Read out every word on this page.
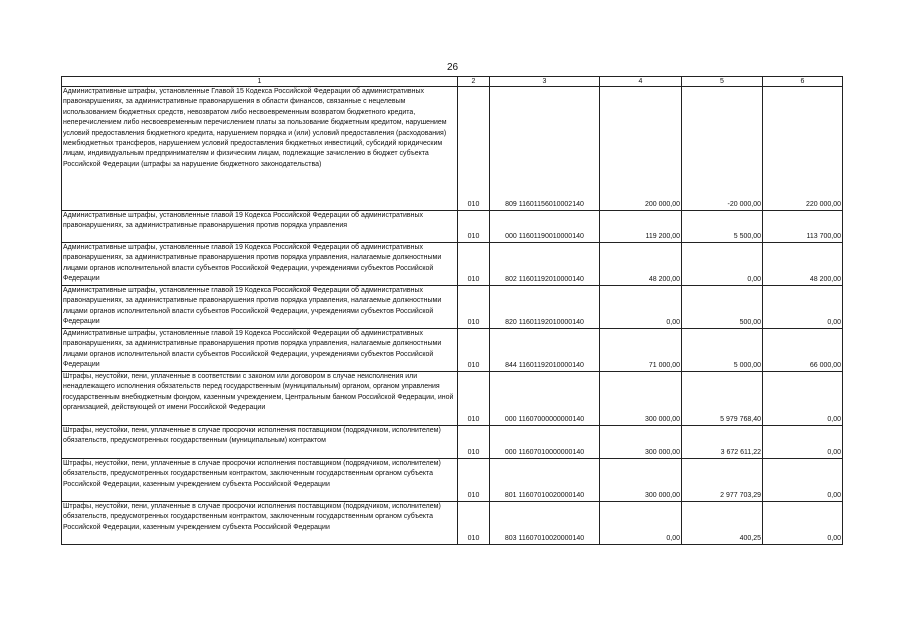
26
1	2	3	4	5	6
Административные штрафы, установленные Главой 15 Кодекса Российской Федерации об административных правонарушениях, за административные правонарушения в области финансов, связанные с нецелевым использованием бюджетных средств, невозвратом либо несвоевременным возвратом бюджетного кредита, неперечислением либо несвоевременным перечислением платы за пользование бюджетным кредитом, нарушением условий предоставления бюджетного кредита, нарушением порядка и (или) условий предоставления (расходования) межбюджетных трансферов, нарушением условий предоставления бюджетных инвестиций, субсидий юридическим лицам, индивидуальным предпринимателям и физическим лицам, подлежащие зачислению в бюджет субъекта Российской Федерации (штрафы за нарушение бюджетного законодательства)	010	809 11601156010002140	200 000,00	-20 000,00	220 000,00
Административные штрафы, установленные главой 19 Кодекса Российской Федерации об административных правонарушениях, за административные правонарушения против порядка управления	010	000 11601190010000140	119 200,00	5 500,00	113 700,00
Административные штрафы, установленные главой 19 Кодекса Российской Федерации об административных правонарушениях, за административные правонарушения против порядка управления, налагаемые должностными лицами органов исполнительной власти субъектов Российской Федерации, учреждениями субъектов Российской Федерации	010	802 11601192010000140	48 200,00	0,00	48 200,00
Административные штрафы, установленные главой 19 Кодекса Российской Федерации об административных правонарушениях, за административные правонарушения против порядка управления, налагаемые должностными лицами органов исполнительной власти субъектов Российской Федерации, учреждениями субъектов Российской Федерации	010	820 11601192010000140	0,00	500,00	0,00
Административные штрафы, установленные главой 19 Кодекса Российской Федерации об административных правонарушениях, за административные правонарушения против порядка управления, налагаемые должностными лицами органов исполнительной власти субъектов Российской Федерации, учреждениями субъектов Российской Федерации	010	844 11601192010000140	71 000,00	5 000,00	66 000,00
Штрафы, неустойки, пени, уплаченные в соответствии с законом или договором в случае неисполнения или ненадлежащего исполнения обязательств перед государственным (муниципальным) органом, органом управления государственным внебюджетным фондом, казенным учреждением, Центральным банком Российской Федерации, иной организацией, действующей от имени Российской Федерации	010	000 11607000000000140	300 000,00	5 979 768,40	0,00
Штрафы, неустойки, пени, уплаченные в случае просрочки исполнения поставщиком (подрядчиком, исполнителем) обязательств, предусмотренных государственным (муниципальным) контрактом	010	000 11607010000000140	300 000,00	3 672 611,22	0,00
Штрафы, неустойки, пени, уплаченные в случае просрочки исполнения поставщиком (подрядчиком, исполнителем) обязательств, предусмотренных государственным контрактом, заключенным государственным органом субъекта Российской Федерации, казенным учреждением субъекта Российской Федерации	010	801 11607010020000140	300 000,00	2 977 703,29	0,00
Штрафы, неустойки, пени, уплаченные в случае просрочки исполнения поставщиком (подрядчиком, исполнителем) обязательств, предусмотренных государственным контрактом, заключенным государственным органом субъекта Российской Федерации, казенным учреждением субъекта Российской Федерации	010	803 11607010020000140	0,00	400,25	0,00
